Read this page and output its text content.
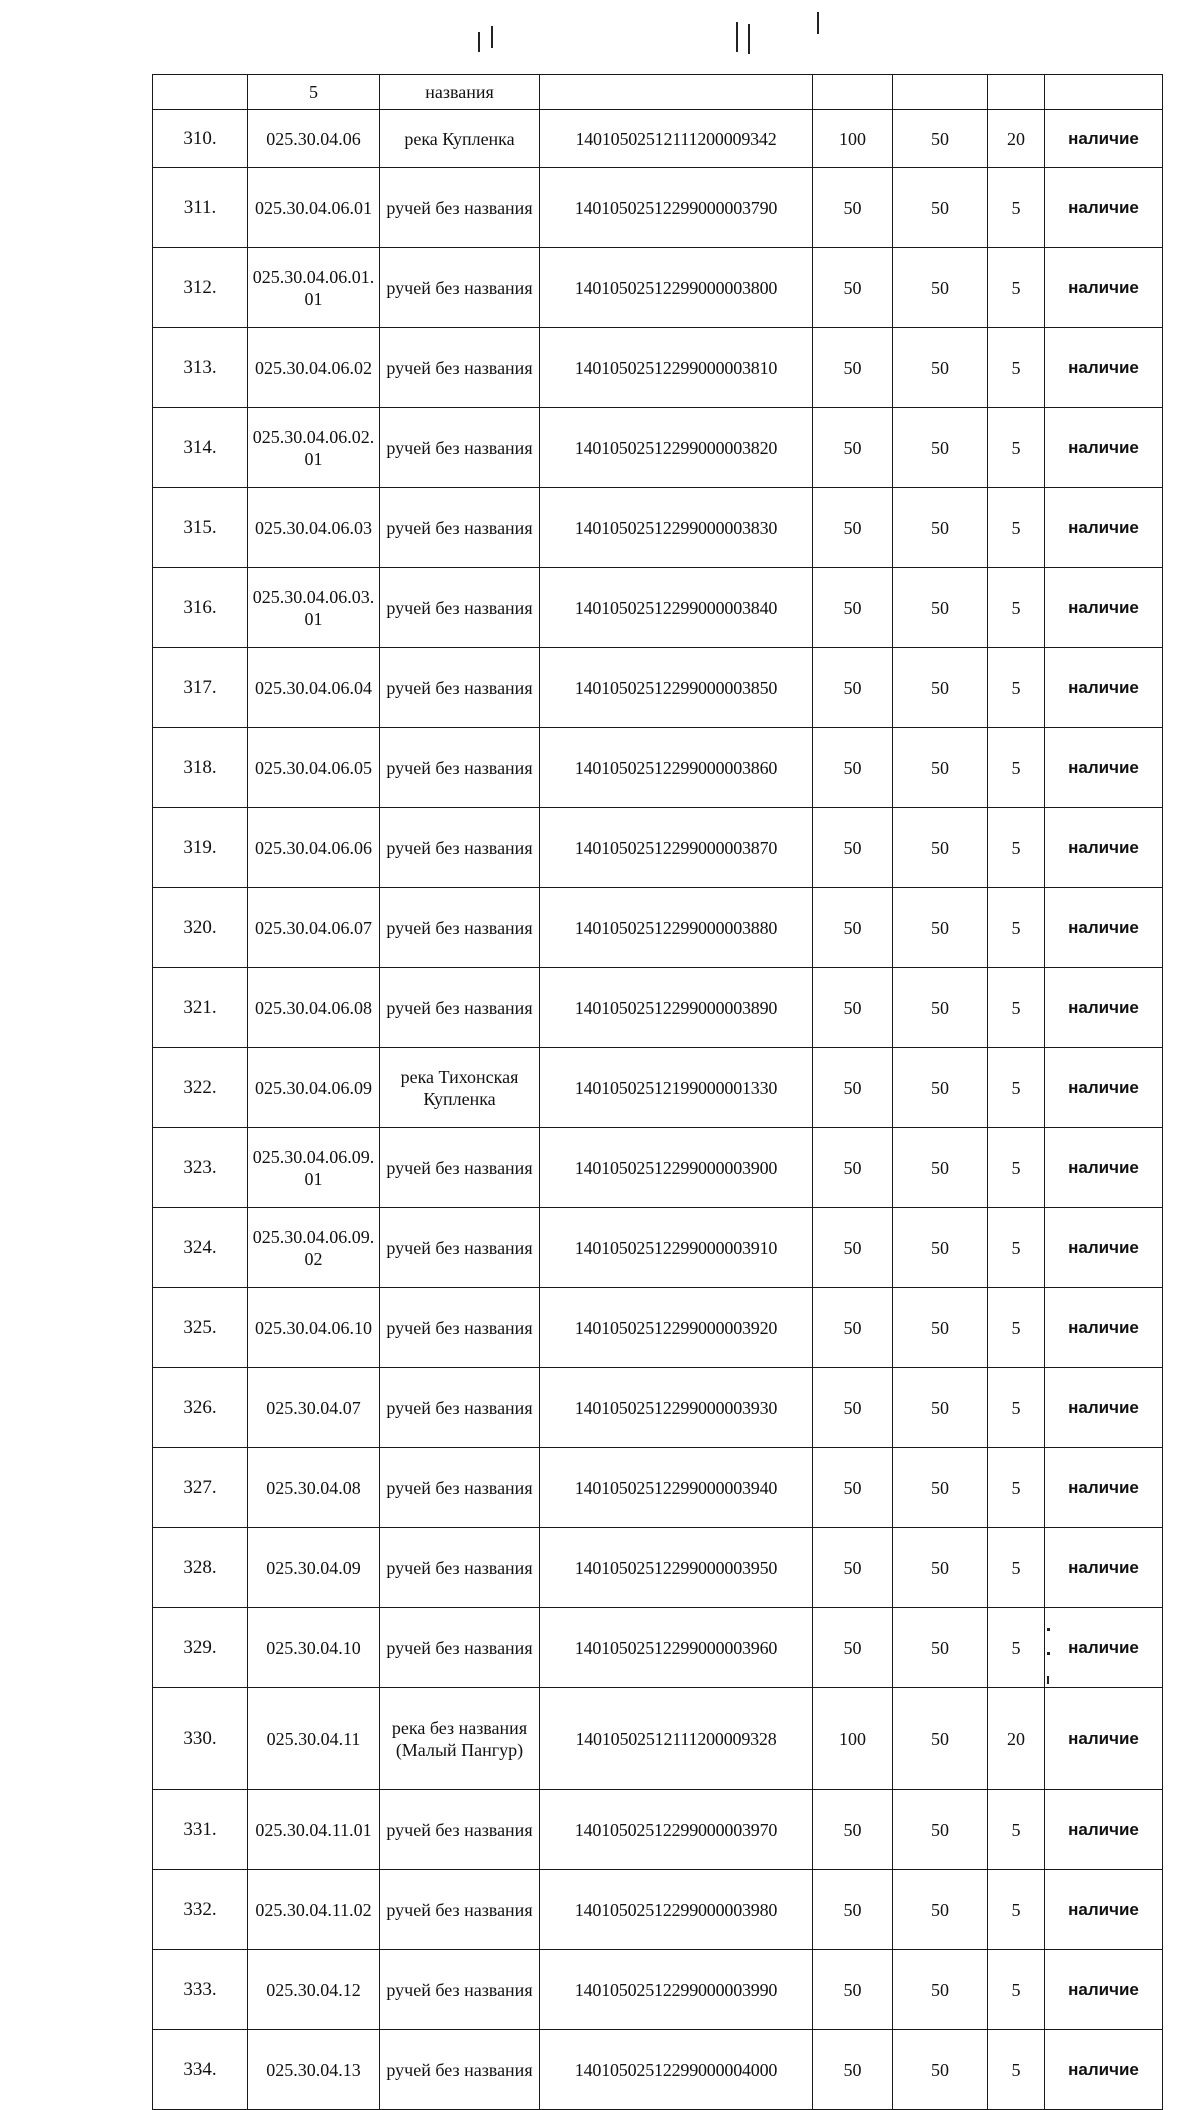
	5	названия					
310.	025.30.04.06	река Купленка	14010502512111200009342	100	50	20	наличие
311.	025.30.04.06.01	ручей без названия	14010502512299000003790	50	50	5	наличие
312.	025.30.04.06.01.01	ручей без названия	14010502512299000003800	50	50	5	наличие
313.	025.30.04.06.02	ручей без названия	14010502512299000003810	50	50	5	наличие
314.	025.30.04.06.02.01	ручей без названия	14010502512299000003820	50	50	5	наличие
315.	025.30.04.06.03	ручей без названия	14010502512299000003830	50	50	5	наличие
316.	025.30.04.06.03.01	ручей без названия	14010502512299000003840	50	50	5	наличие
317.	025.30.04.06.04	ручей без названия	14010502512299000003850	50	50	5	наличие
318.	025.30.04.06.05	ручей без названия	14010502512299000003860	50	50	5	наличие
319.	025.30.04.06.06	ручей без названия	14010502512299000003870	50	50	5	наличие
320.	025.30.04.06.07	ручей без названия	14010502512299000003880	50	50	5	наличие
321.	025.30.04.06.08	ручей без названия	14010502512299000003890	50	50	5	наличие
322.	025.30.04.06.09	река Тихонская Купленка	14010502512199000001330	50	50	5	наличие
323.	025.30.04.06.09.01	ручей без названия	14010502512299000003900	50	50	5	наличие
324.	025.30.04.06.09.02	ручей без названия	14010502512299000003910	50	50	5	наличие
325.	025.30.04.06.10	ручей без названия	14010502512299000003920	50	50	5	наличие
326.	025.30.04.07	ручей без названия	14010502512299000003930	50	50	5	наличие
327.	025.30.04.08	ручей без названия	14010502512299000003940	50	50	5	наличие
328.	025.30.04.09	ручей без названия	14010502512299000003950	50	50	5	наличие
329.	025.30.04.10	ручей без названия	14010502512299000003960	50	50	5	наличие
330.	025.30.04.11	река без названия (Малый Пангур)	14010502512111200009328	100	50	20	наличие
331.	025.30.04.11.01	ручей без названия	14010502512299000003970	50	50	5	наличие
332.	025.30.04.11.02	ручей без названия	14010502512299000003980	50	50	5	наличие
333.	025.30.04.12	ручей без названия	14010502512299000003990	50	50	5	наличие
334.	025.30.04.13	ручей без названия	14010502512299000004000	50	50	5	наличие
